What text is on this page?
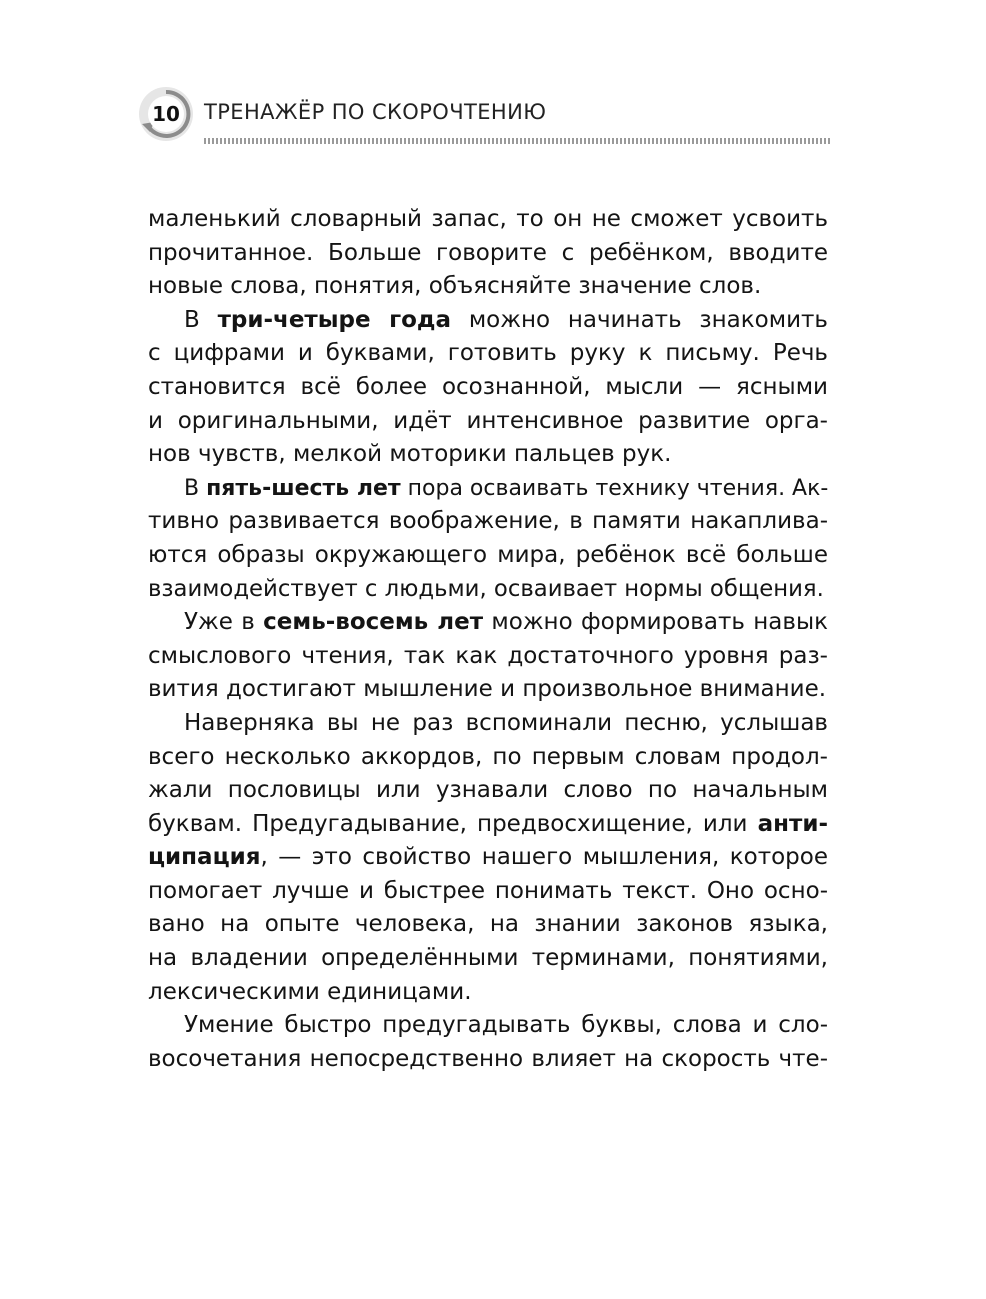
10	ТРЕНАЖЁР ПО СКОРОЧТЕНИЮ
маленький словарный запас, то он не сможет усвоить
прочитанное. Больше говорите с ребёнком, вводите
новые слова, понятия, объясняйте значение слов.
В три-четыре года можно начинать знакомить
с цифрами и буквами, готовить руку к письму. Речь
становится всё более осознанной, мысли — ясными
и оригинальными, идёт интенсивное развитие орга-
нов чувств, мелкой моторики пальцев рук.
В пять-шесть лет пора осваивать технику чтения. Ак-
тивно развивается воображение, в памяти накаплива-
ются образы окружающего мира, ребёнок всё больше
взаимодействует с людьми, осваивает нормы общения.
Уже в семь-восемь лет можно формировать навык
смыслового чтения, так как достаточного уровня раз-
вития достигают мышление и произвольное внимание.
Наверняка вы не раз вспоминали песню, услышав
всего несколько аккордов, по первым словам продол-
жали пословицы или узнавали слово по начальным
буквам. Предугадывание, предвосхищение, или анти-
ципация, — это свойство нашего мышления, которое
помогает лучше и быстрее понимать текст. Оно осно-
вано на опыте человека, на знании законов языка,
на владении определёнными терминами, понятиями,
лексическими единицами.
Умение быстро предугадывать буквы, слова и сло-
восочетания непосредственно влияет на скорость чте-
